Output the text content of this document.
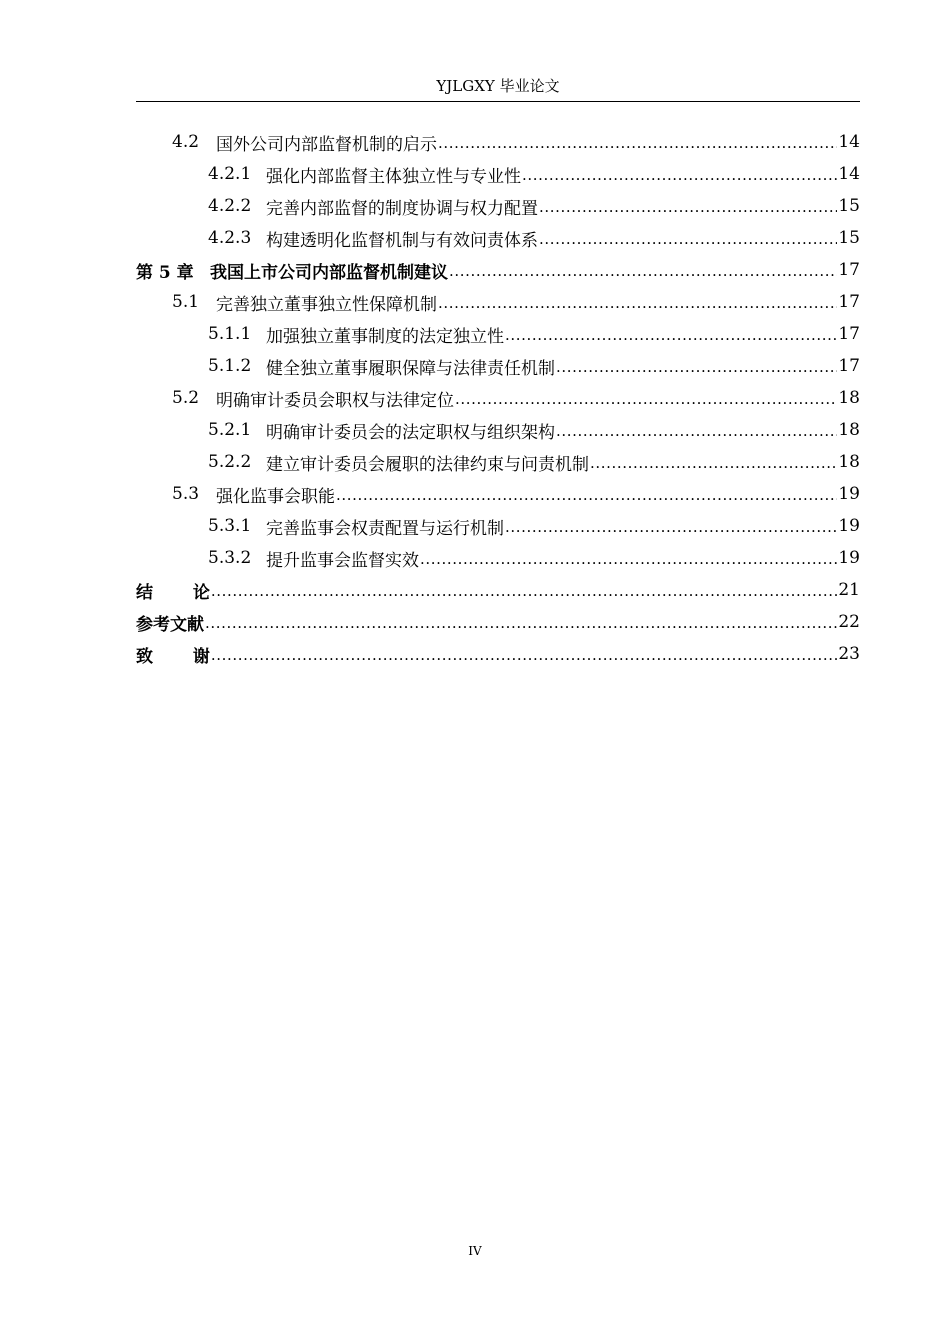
YJLGXY 毕业论文
4.2 国外公司内部监督机制的启示 .....	14
4.2.1 强化内部监督主体独立性与专业性 .....	14
4.2.2 完善内部监督的制度协调与权力配置 .....	15
4.2.3 构建透明化监督机制与有效问责体系 .....	15
第 5 章 我国上市公司内部监督机制建议 .....	17
5.1 完善独立董事独立性保障机制 .....	17
5.1.1 加强独立董事制度的法定独立性 .....	17
5.1.2 健全独立董事履职保障与法律责任机制 .....	17
5.2 明确审计委员会职权与法律定位 .....	18
5.2.1 明确审计委员会的法定职权与组织架构 .....	18
5.2.2 建立审计委员会履职的法律约束与问责机制 .....	18
5.3 强化监事会职能 .....	19
5.3.1 完善监事会权责配置与运行机制 .....	19
5.3.2 提升监事会监督实效 .....	19
结 论 .....	21
参考文献 .....	22
致 谢 .....	23
IV
